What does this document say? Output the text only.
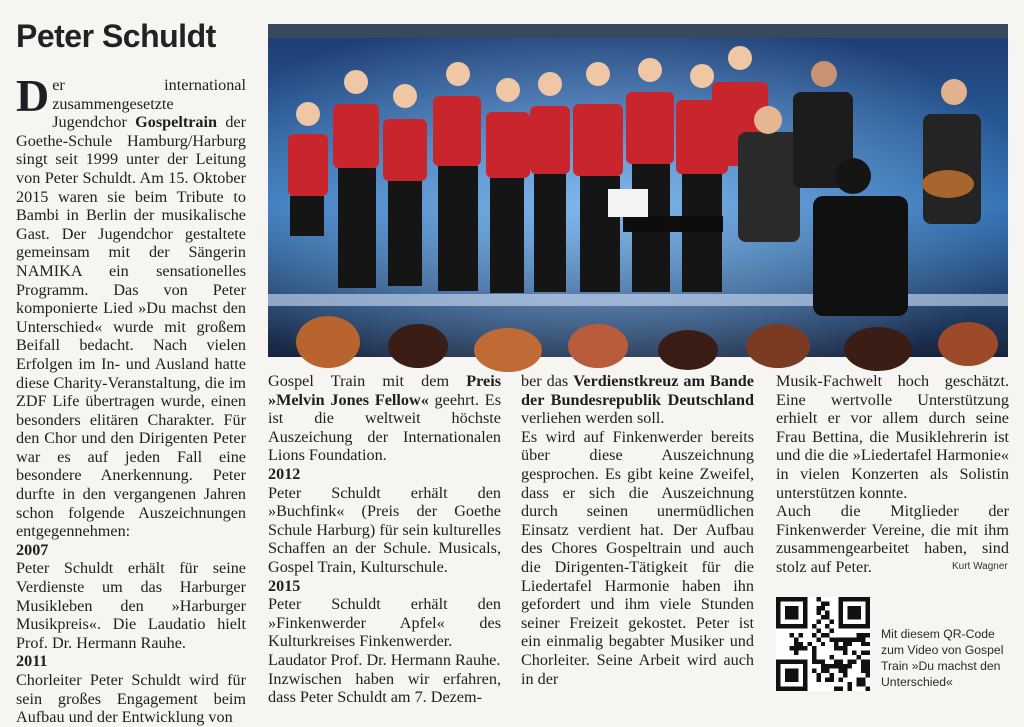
Peter Schuldt

Der international zusammengesetzte Jugendchor Gospeltrain der Goethe-Schule Hamburg/Harburg singt seit 1999 unter der Leitung von Peter Schuldt. Am 15. Oktober 2015 waren sie beim Tribute to Bambi in Berlin der musikalische Gast. Der Jugendchor gestaltete gemeinsam mit der Sängerin NAMIKA ein sensationelles Programm. Das von Peter komponierte Lied »Du machst den Unterschied« wurde mit großem Beifall bedacht. Nach vielen Erfolgen im In- und Ausland hatte diese Charity-Veranstaltung, die im ZDF Life übertragen wurde, einen besonders elitären Charakter. Für den Chor und den Dirigenten Peter war es auf jeden Fall eine besondere Anerkennung. Peter durfte in den vergangenen Jahren schon folgende Auszeichnungen entgegennehmen:

2007
Peter Schuldt erhält für seine Verdienste um das Harburger Musikleben den »Harburger Musikpreis«. Die Laudatio hielt Prof. Dr. Hermann Rauhe.

2011
Chorleiter Peter Schuldt wird für sein großes Engagement beim Aufbau und der Entwicklung von

Gospel Train mit dem Preis »Melvin Jones Fellow« geehrt. Es ist die weltweit höchste Auszeichung der Internationalen Lions Foundation.

2012
Peter Schuldt erhält den »Buchfink« (Preis der Goethe Schule Harburg) für sein kulturelles Schaffen an der Schule. Musicals, Gospel Train, Kulturschule.

2015
Peter Schuldt erhält den »Finkenwerder Apfel« des Kulturkreises Finkenwerder.

Laudator Prof. Dr. Hermann Rauhe.

Inzwischen haben wir erfahren, dass Peter Schuldt am 7. Dezem-

ber das Verdienstkreuz am Bande der Bundesrepublik Deutschland verliehen werden soll.

Es wird auf Finkenwerder bereits über diese Auszeichnung gesprochen. Es gibt keine Zweifel, dass er sich die Auszeichnung durch seinen unermüdlichen Einsatz verdient hat. Der Aufbau des Chores Gospeltrain und auch die Dirigenten-Tätigkeit für die Liedertafel Harmonie haben ihn gefordert und ihm viele Stunden seiner Freizeit gekostet. Peter ist ein einmalig begabter Musiker und Chorleiter. Seine Arbeit wird auch in der

Musik-Fachwelt hoch geschätzt. Eine wertvolle Unterstützung erhielt er vor allem durch seine Frau Bettina, die Musiklehrerin ist und die die »Liedertafel Harmonie« in vielen Konzerten als Solistin unterstützen konnte.

Auch die Mitglieder der Finkenwerder Vereine, die mit ihm zusammengearbeitet haben, sind stolz auf Peter.	Kurt Wagner
Mit diesem QR-Code zum Video von Gospel Train »Du machst den Unterschied«
